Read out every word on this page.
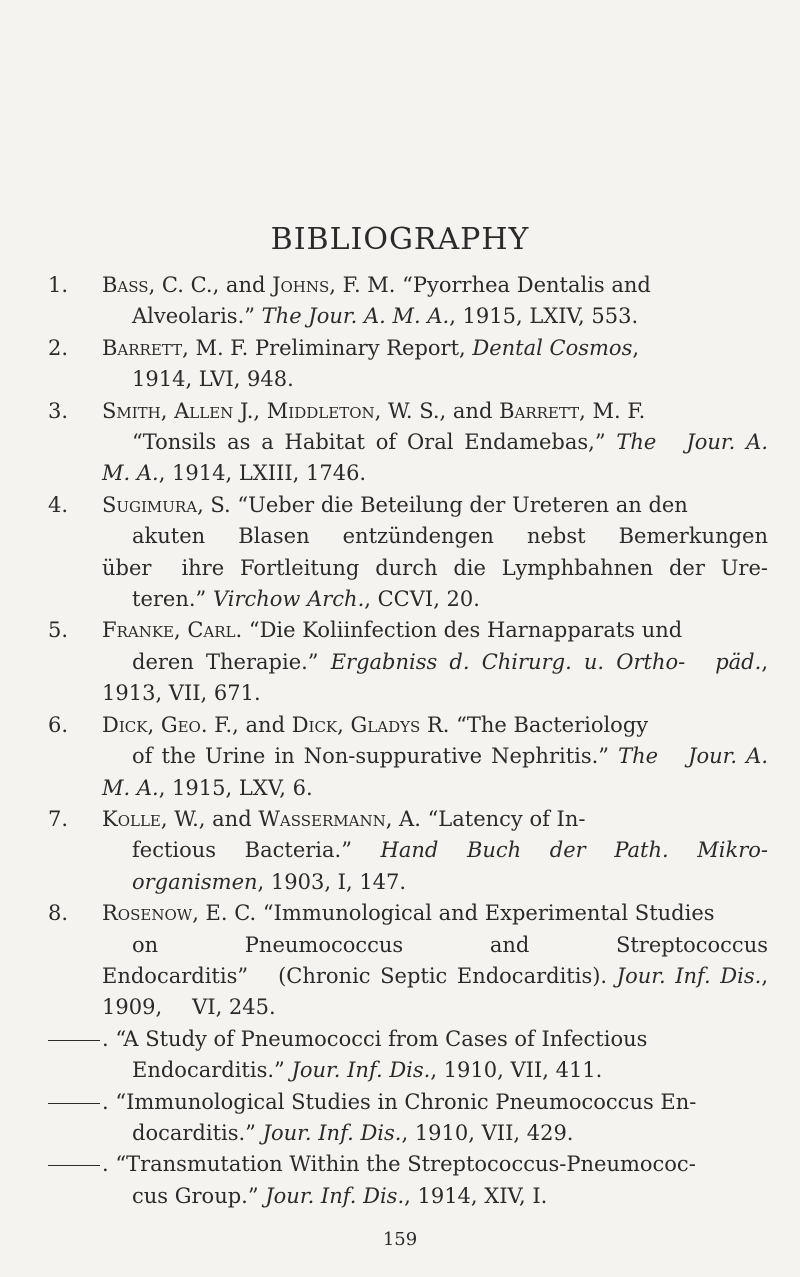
BIBLIOGRAPHY
1.	Bass, C. C., and Johns, F. M. “Pyorrhea Dentalis and
Alveolaris.” The Jour. A. M. A., 1915, LXIV, 553.
2.	Barrett, M. F. Preliminary Report, Dental Cosmos,
1914, LVI, 948.
3.	Smith, Allen J., Middleton, W. S., and Barrett, M. F.
“Tonsils as a Habitat of Oral Endamebas,” The Jour. A. M. A., 1914, LXIII, 1746.
4.	Sugimura, S. “Ueber die Beteilung der Ureteren an den
akuten Blasen entzündengen nebst Bemerkungen über ihre Fortleitung durch die Lymphbahnen der Ure-teren.” Virchow Arch., CCVI, 20.
5.	Franke, Carl. “Die Koliinfection des Harnapparats und
deren Therapie.” Ergabniss d. Chirurg. u. Ortho- päd., 1913, VII, 671.
6.	Dick, Geo. F., and Dick, Gladys R. “The Bacteriology
of the Urine in Non-suppurative Nephritis.” The Jour. A. M. A., 1915, LXV, 6.
7.	Kolle, W., and Wassermann, A. “Latency of In-
fectious Bacteria.” Hand Buch der Path. Mikro-organismen, 1903, I, 147.
8.	Rosenow, E. C. “Immunological and Experimental Studies
on Pneumococcus and Streptococcus Endocarditis” (Chronic Septic Endocarditis). Jour. Inf. Dis., 1909, VI, 245.
. “A Study of Pneumococci from Cases of Infectious
Endocarditis.” Jour. Inf. Dis., 1910, VII, 411.
. “Immunological Studies in Chronic Pneumococcus En-
docarditis.” Jour. Inf. Dis., 1910, VII, 429.
. “Transmutation Within the Streptococcus-Pneumococ-
cus Group.” Jour. Inf. Dis., 1914, XIV, I.
159
